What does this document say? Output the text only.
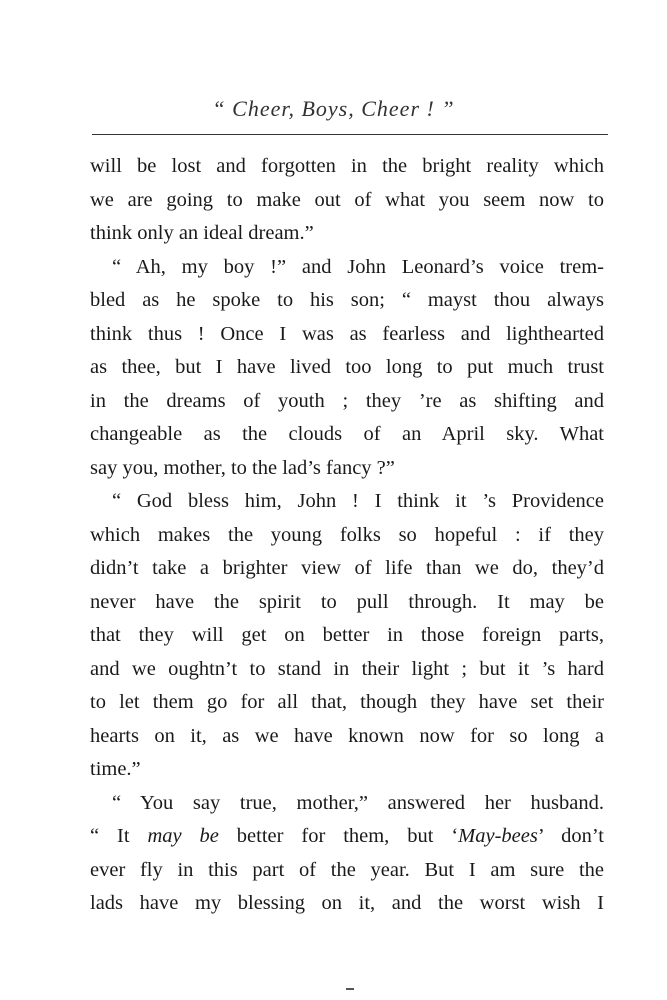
“ Cheer, Boys, Cheer ! ”
will be lost and forgotten in the bright reality which
we are going to make out of what you seem now to
think only an ideal dream.”
“ Ah, my boy !” and John Leonard’s voice trem-
bled as he spoke to his son; “ mayst thou always
think thus ! Once I was as fearless and lighthearted
as thee, but I have lived too long to put much trust
in the dreams of youth ; they ’re as shifting and
changeable as the clouds of an April sky. What
say you, mother, to the lad’s fancy ?”
“ God bless him, John ! I think it ’s Providence
which makes the young folks so hopeful : if they
didn’t take a brighter view of life than we do, they’d
never have the spirit to pull through. It may be
that they will get on better in those foreign parts,
and we oughtn’t to stand in their light ; but it ’s hard
to let them go for all that, though they have set their
hearts on it, as we have known now for so long a
time.”
“ You say true, mother,” answered her husband.
“ It may be better for them, but ‘May-bees’ don’t
ever fly in this part of the year. But I am sure the
lads have my blessing on it, and the worst wish I
